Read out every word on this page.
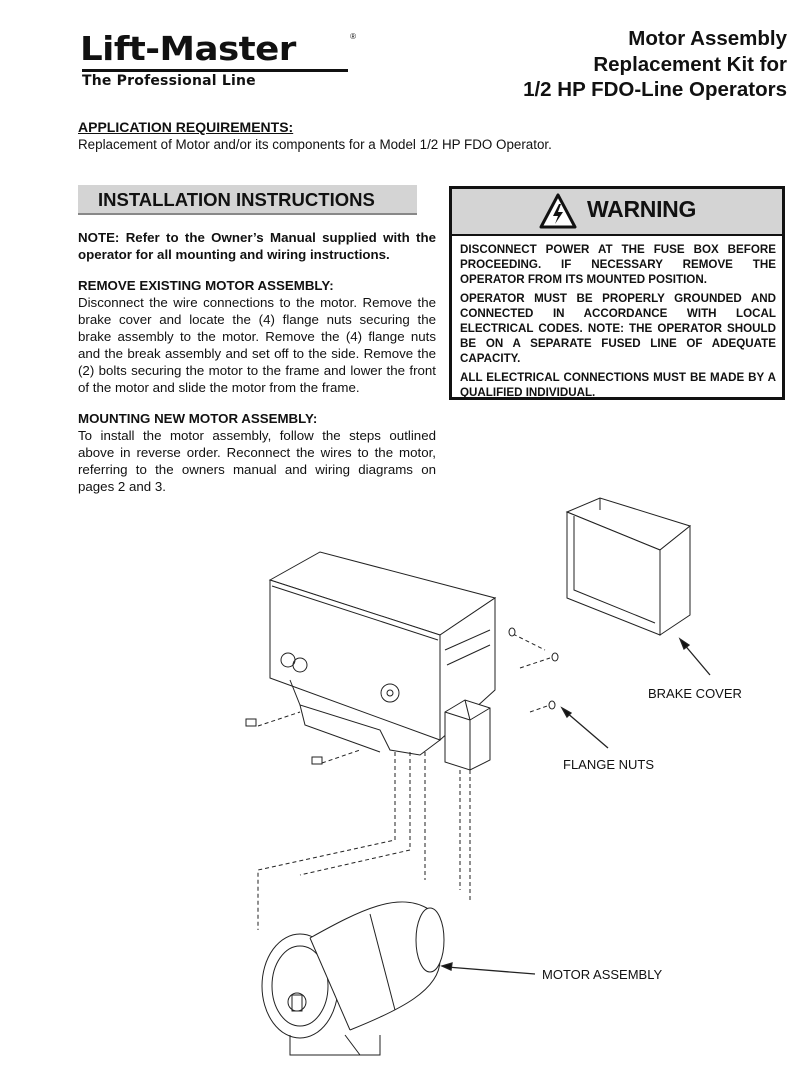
Lift-Master
The Professional Line
®	Motor Assembly
Replacement Kit for
1/2 HP FDO-Line Operators
APPLICATION REQUIREMENTS:
Replacement of Motor and/or its components for a Model 1/2 HP FDO Operator.
INSTALLATION INSTRUCTIONS

NOTE: Refer to the Owner’s Manual supplied with the operator for all mounting and wiring instructions.

REMOVE EXISTING MOTOR ASSEMBLY:

Disconnect the wire connections to the motor. Remove the brake cover and locate the (4) flange nuts securing the brake assembly to the motor. Remove the (4) flange nuts and the break assembly and set off to the side. Remove the (2) bolts securing the motor to the frame and lower the front of the motor and slide the motor from the frame.

MOUNTING NEW MOTOR ASSEMBLY:

To install the motor assembly, follow the steps outlined above in reverse order. Reconnect the wires to the motor, referring to the owners manual and wiring diagrams on pages 2 and 3.

WARNING

DISCONNECT POWER AT THE FUSE BOX BEFORE PROCEEDING. IF NECESSARY REMOVE THE OPERATOR FROM ITS MOUNTED POSITION.

OPERATOR MUST BE PROPERLY GROUNDED AND CONNECTED IN ACCORDANCE WITH LOCAL ELECTRICAL CODES. NOTE: THE OPERATOR SHOULD BE ON A SEPARATE FUSED LINE OF ADEQUATE CAPACITY.

ALL ELECTRICAL CONNECTIONS MUST BE MADE BY A QUALIFIED INDIVIDUAL.

BRAKE COVER
FLANGE NUTS
MOTOR ASSEMBLY
